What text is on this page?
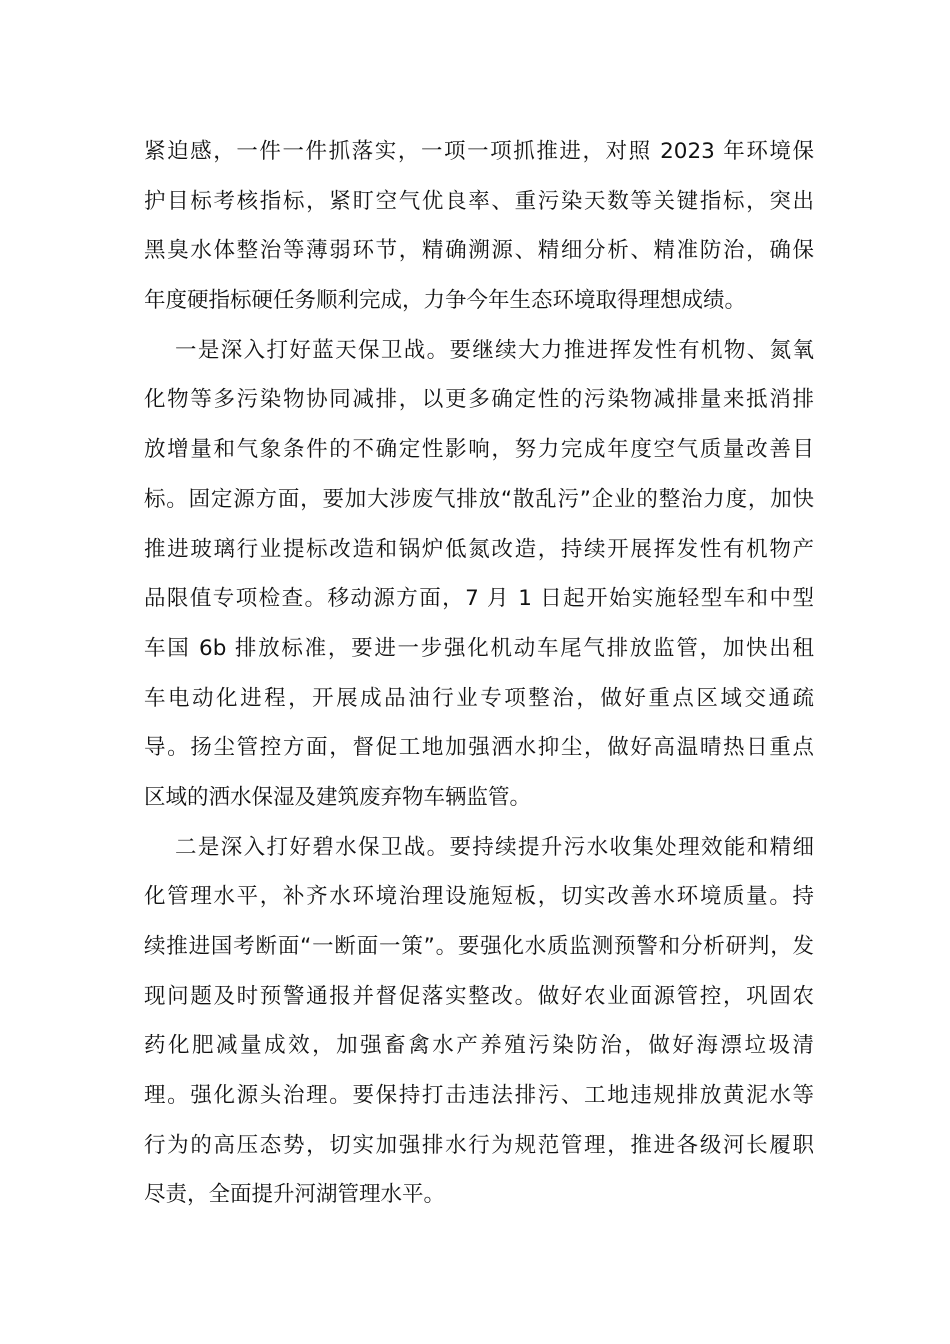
紧迫感，一件一件抓落实，一项一项抓推进，对照 2023 年环境保
护目标考核指标，紧盯空气优良率、重污染天数等关键指标，突出
黑臭水体整治等薄弱环节，精确溯源、精细分析、精准防治，确保
年度硬指标硬任务顺利完成，力争今年生态环境取得理想成绩。
一是深入打好蓝天保卫战。要继续大力推进挥发性有机物、氮氧
化物等多污染物协同减排，以更多确定性的污染物减排量来抵消排
放增量和气象条件的不确定性影响，努力完成年度空气质量改善目
标。固定源方面，要加大涉废气排放“散乱污”企业的整治力度，加快
推进玻璃行业提标改造和锅炉低氮改造，持续开展挥发性有机物产
品限值专项检查。移动源方面，7 月 1 日起开始实施轻型车和中型
车国 6b 排放标准，要进一步强化机动车尾气排放监管，加快出租
车电动化进程，开展成品油行业专项整治，做好重点区域交通疏
导。扬尘管控方面，督促工地加强洒水抑尘，做好高温晴热日重点
区域的洒水保湿及建筑废弃物车辆监管。
二是深入打好碧水保卫战。要持续提升污水收集处理效能和精细
化管理水平，补齐水环境治理设施短板，切实改善水环境质量。持
续推进国考断面“一断面一策”。要强化水质监测预警和分析研判，发
现问题及时预警通报并督促落实整改。做好农业面源管控，巩固农
药化肥减量成效，加强畜禽水产养殖污染防治，做好海漂垃圾清
理。强化源头治理。要保持打击违法排污、工地违规排放黄泥水等
行为的高压态势，切实加强排水行为规范管理，推进各级河长履职
尽责，全面提升河湖管理水平。
